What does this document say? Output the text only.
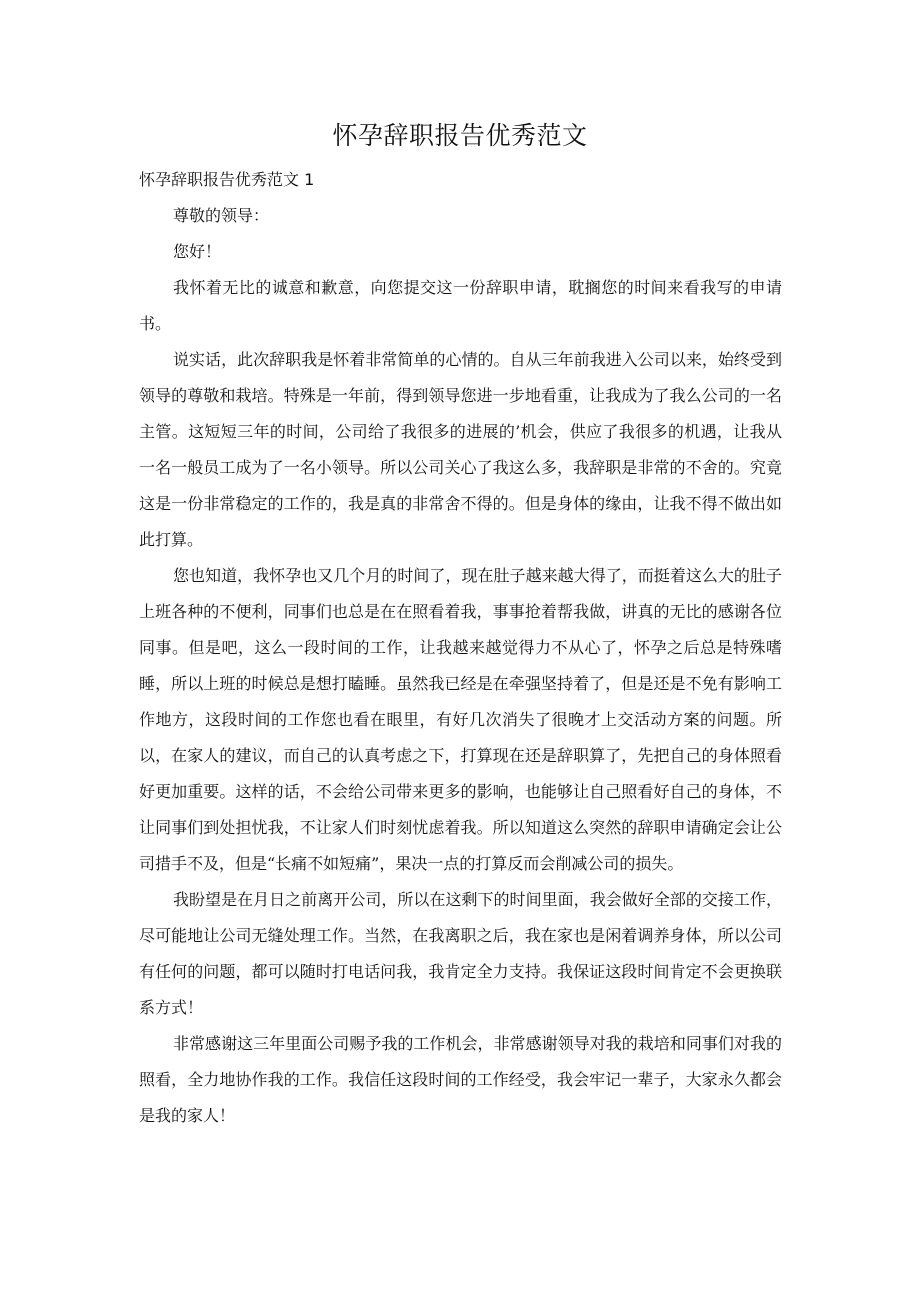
怀孕辞职报告优秀范文

怀孕辞职报告优秀范文 1

尊敬的领导：

您好！

我怀着无比的诚意和歉意，向您提交这一份辞职申请，耽搁您的时间来看我写的申请书。

说实话，此次辞职我是怀着非常简单的心情的。自从三年前我进入公司以来，始终受到领导的尊敬和栽培。特殊是一年前，得到领导您进一步地看重，让我成为了我么公司的一名主管。这短短三年的时间，公司给了我很多的进展的’机会，供应了我很多的机遇，让我从一名一般员工成为了一名小领导。所以公司关心了我这么多，我辞职是非常的不舍的。究竟这是一份非常稳定的工作的，我是真的非常舍不得的。但是身体的缘由，让我不得不做出如此打算。

您也知道，我怀孕也又几个月的时间了，现在肚子越来越大得了，而挺着这么大的肚子上班各种的不便利，同事们也总是在在照看着我，事事抢着帮我做，讲真的无比的感谢各位同事。但是吧，这么一段时间的工作，让我越来越觉得力不从心了，怀孕之后总是特殊嗜睡，所以上班的时候总是想打瞌睡。虽然我已经是在牵强坚持着了，但是还是不免有影响工作地方，这段时间的工作您也看在眼里，有好几次消失了很晚才上交活动方案的问题。所以，在家人的建议，而自己的认真考虑之下，打算现在还是辞职算了，先把自己的身体照看好更加重要。这样的话，不会给公司带来更多的影响，也能够让自己照看好自己的身体，不让同事们到处担忧我，不让家人们时刻忧虑着我。所以知道这么突然的辞职申请确定会让公司措手不及，但是“长痛不如短痛”，果决一点的打算反而会削减公司的损失。

我盼望是在月日之前离开公司，所以在这剩下的时间里面，我会做好全部的交接工作，尽可能地让公司无缝处理工作。当然，在我离职之后，我在家也是闲着调养身体，所以公司有任何的问题，都可以随时打电话问我，我肯定全力支持。我保证这段时间肯定不会更换联系方式！

非常感谢这三年里面公司赐予我的工作机会，非常感谢领导对我的栽培和同事们对我的照看，全力地协作我的工作。我信任这段时间的工作经受，我会牢记一辈子，大家永久都会是我的家人！
